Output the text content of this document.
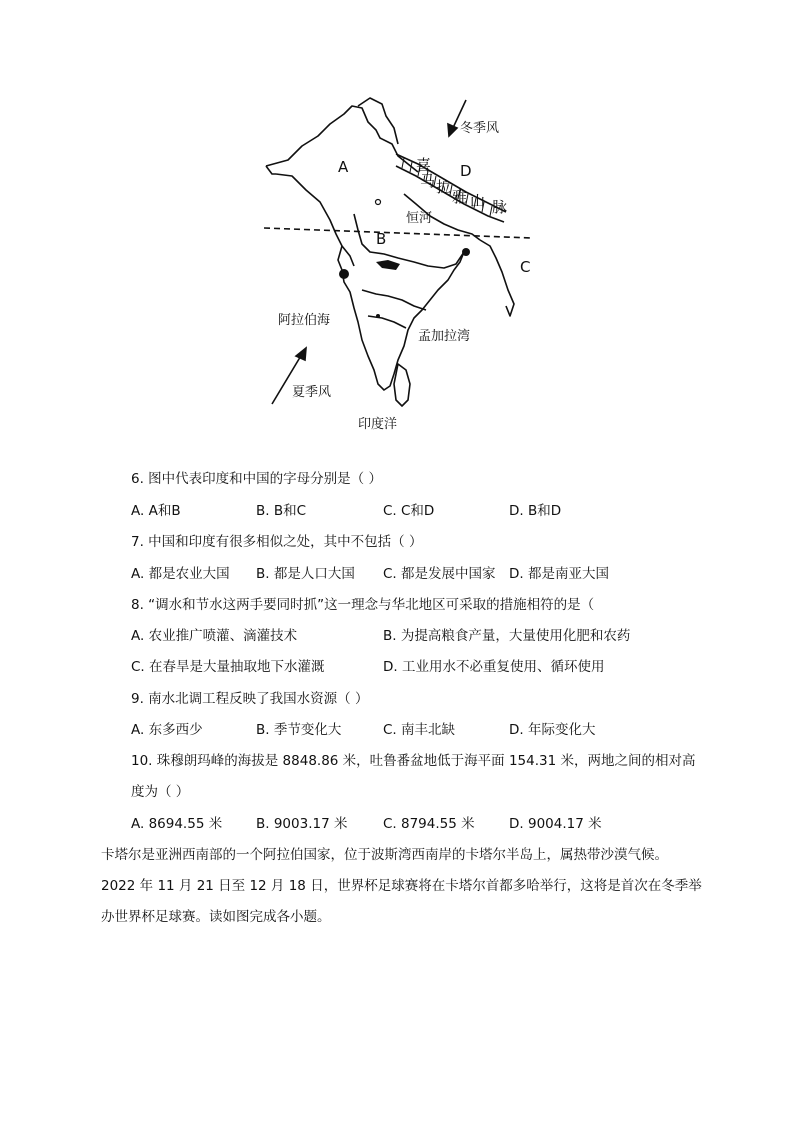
冬季风
夏季风
A
B
C
D
喜
马 拉
雅 山 脉
恒河
阿拉伯海
孟加拉湾
印度洋
6. 图中代表印度和中国的字母分别是（ ）
A. A和B	B. B和C	C. C和D	D. B和D
7. 中国和印度有很多相似之处，其中不包括（ ）
A. 都是农业大国 B. 都是人口大国 C. 都是发展中国家 D. 都是南亚大国
8. “调水和节水这两手要同时抓”这一理念与华北地区可采取的措施相符的是（
A. 农业推广喷灌、滴灌技术	B. 为提高粮食产量，大量使用化肥和农药
C. 在春旱是大量抽取地下水灌溉	D. 工业用水不必重复使用、循环使用
9. 南水北调工程反映了我国水资源（ ）
A. 东多西少	B. 季节变化大	C. 南丰北缺	D. 年际变化大
10. 珠穆朗玛峰的海拔是 8848.86 米，吐鲁番盆地低于海平面 154.31 米，两地之间的相对高
度为（ ）
A. 8694.55 米	B. 9003.17 米	C. 8794.55 米	D. 9004.17 米
卡塔尔是亚洲西南部的一个阿拉伯国家，位于波斯湾西南岸的卡塔尔半岛上，属热带沙漠气候。
2022 年 11 月 21 日至 12 月 18 日，世界杯足球赛将在卡塔尔首都多哈举行，这将是首次在冬季举
办世界杯足球赛。读如图完成各小题。
